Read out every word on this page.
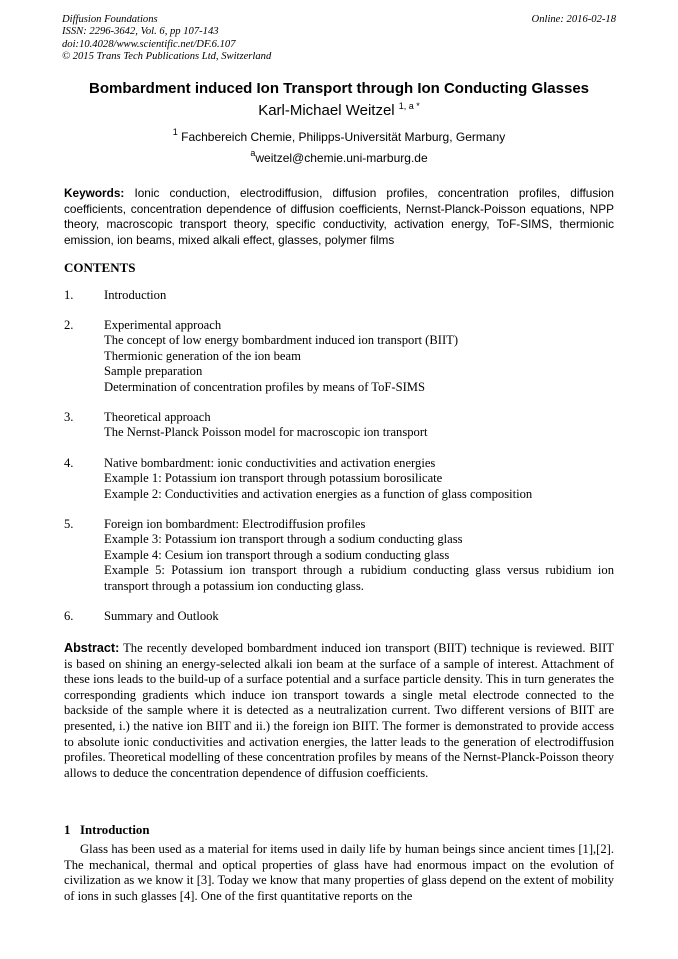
Diffusion Foundations
ISSN: 2296-3642, Vol. 6, pp 107-143
doi:10.4028/www.scientific.net/DF.6.107
© 2015 Trans Tech Publications Ltd, Switzerland
Online: 2016-02-18
Bombardment induced Ion Transport through Ion Conducting Glasses
Karl-Michael Weitzel $^{1, a *}$
$^1$ Fachbereich Chemie, Philipps-Universität Marburg, Germany
$^a$weitzel@chemie.uni-marburg.de
Keywords: Ionic conduction, electrodiffusion, diffusion profiles, concentration profiles, diffusion coefficients, concentration dependence of diffusion coefficients, Nernst-Planck-Poisson equations, NPP theory, macroscopic transport theory, specific conductivity, activation energy, ToF-SIMS, thermionic emission, ion beams, mixed alkali effect, glasses, polymer films
CONTENTS
1. Introduction
2. Experimental approach
The concept of low energy bombardment induced ion transport (BIIT)
Thermionic generation of the ion beam
Sample preparation
Determination of concentration profiles by means of ToF-SIMS
3. Theoretical approach
The Nernst-Planck Poisson model for macroscopic ion transport
4. Native bombardment: ionic conductivities and activation energies
Example 1: Potassium ion transport through potassium borosilicate
Example 2: Conductivities and activation energies as a function of glass composition
5. Foreign ion bombardment: Electrodiffusion profiles
Example 3: Potassium ion transport through a sodium conducting glass
Example 4: Cesium ion transport through a sodium conducting glass
Example 5: Potassium ion transport through a rubidium conducting glass versus rubidium ion transport through a potassium ion conducting glass.
6. Summary and Outlook
Abstract: The recently developed bombardment induced ion transport (BIIT) technique is reviewed. BIIT is based on shining an energy-selected alkali ion beam at the surface of a sample of interest. Attachment of these ions leads to the build-up of a surface potential and a surface particle density. This in turn generates the corresponding gradients which induce ion transport towards a single metal electrode connected to the backside of the sample where it is detected as a neutralization current. Two different versions of BIIT are presented, i.) the native ion BIIT and ii.) the foreign ion BIIT. The former is demonstrated to provide access to absolute ionic conductivities and activation energies, the latter leads to the generation of electrodiffusion profiles. Theoretical modelling of these concentration profiles by means of the Nernst-Planck-Poisson theory allows to deduce the concentration dependence of diffusion coefficients.
1   Introduction
Glass has been used as a material for items used in daily life by human beings since ancient times [1],[2]. The mechanical, thermal and optical properties of glass have had enormous impact on the evolution of civilization as we know it [3]. Today we know that many properties of glass depend on the extent of mobility of ions in such glasses [4]. One of the first quantitative reports on the
